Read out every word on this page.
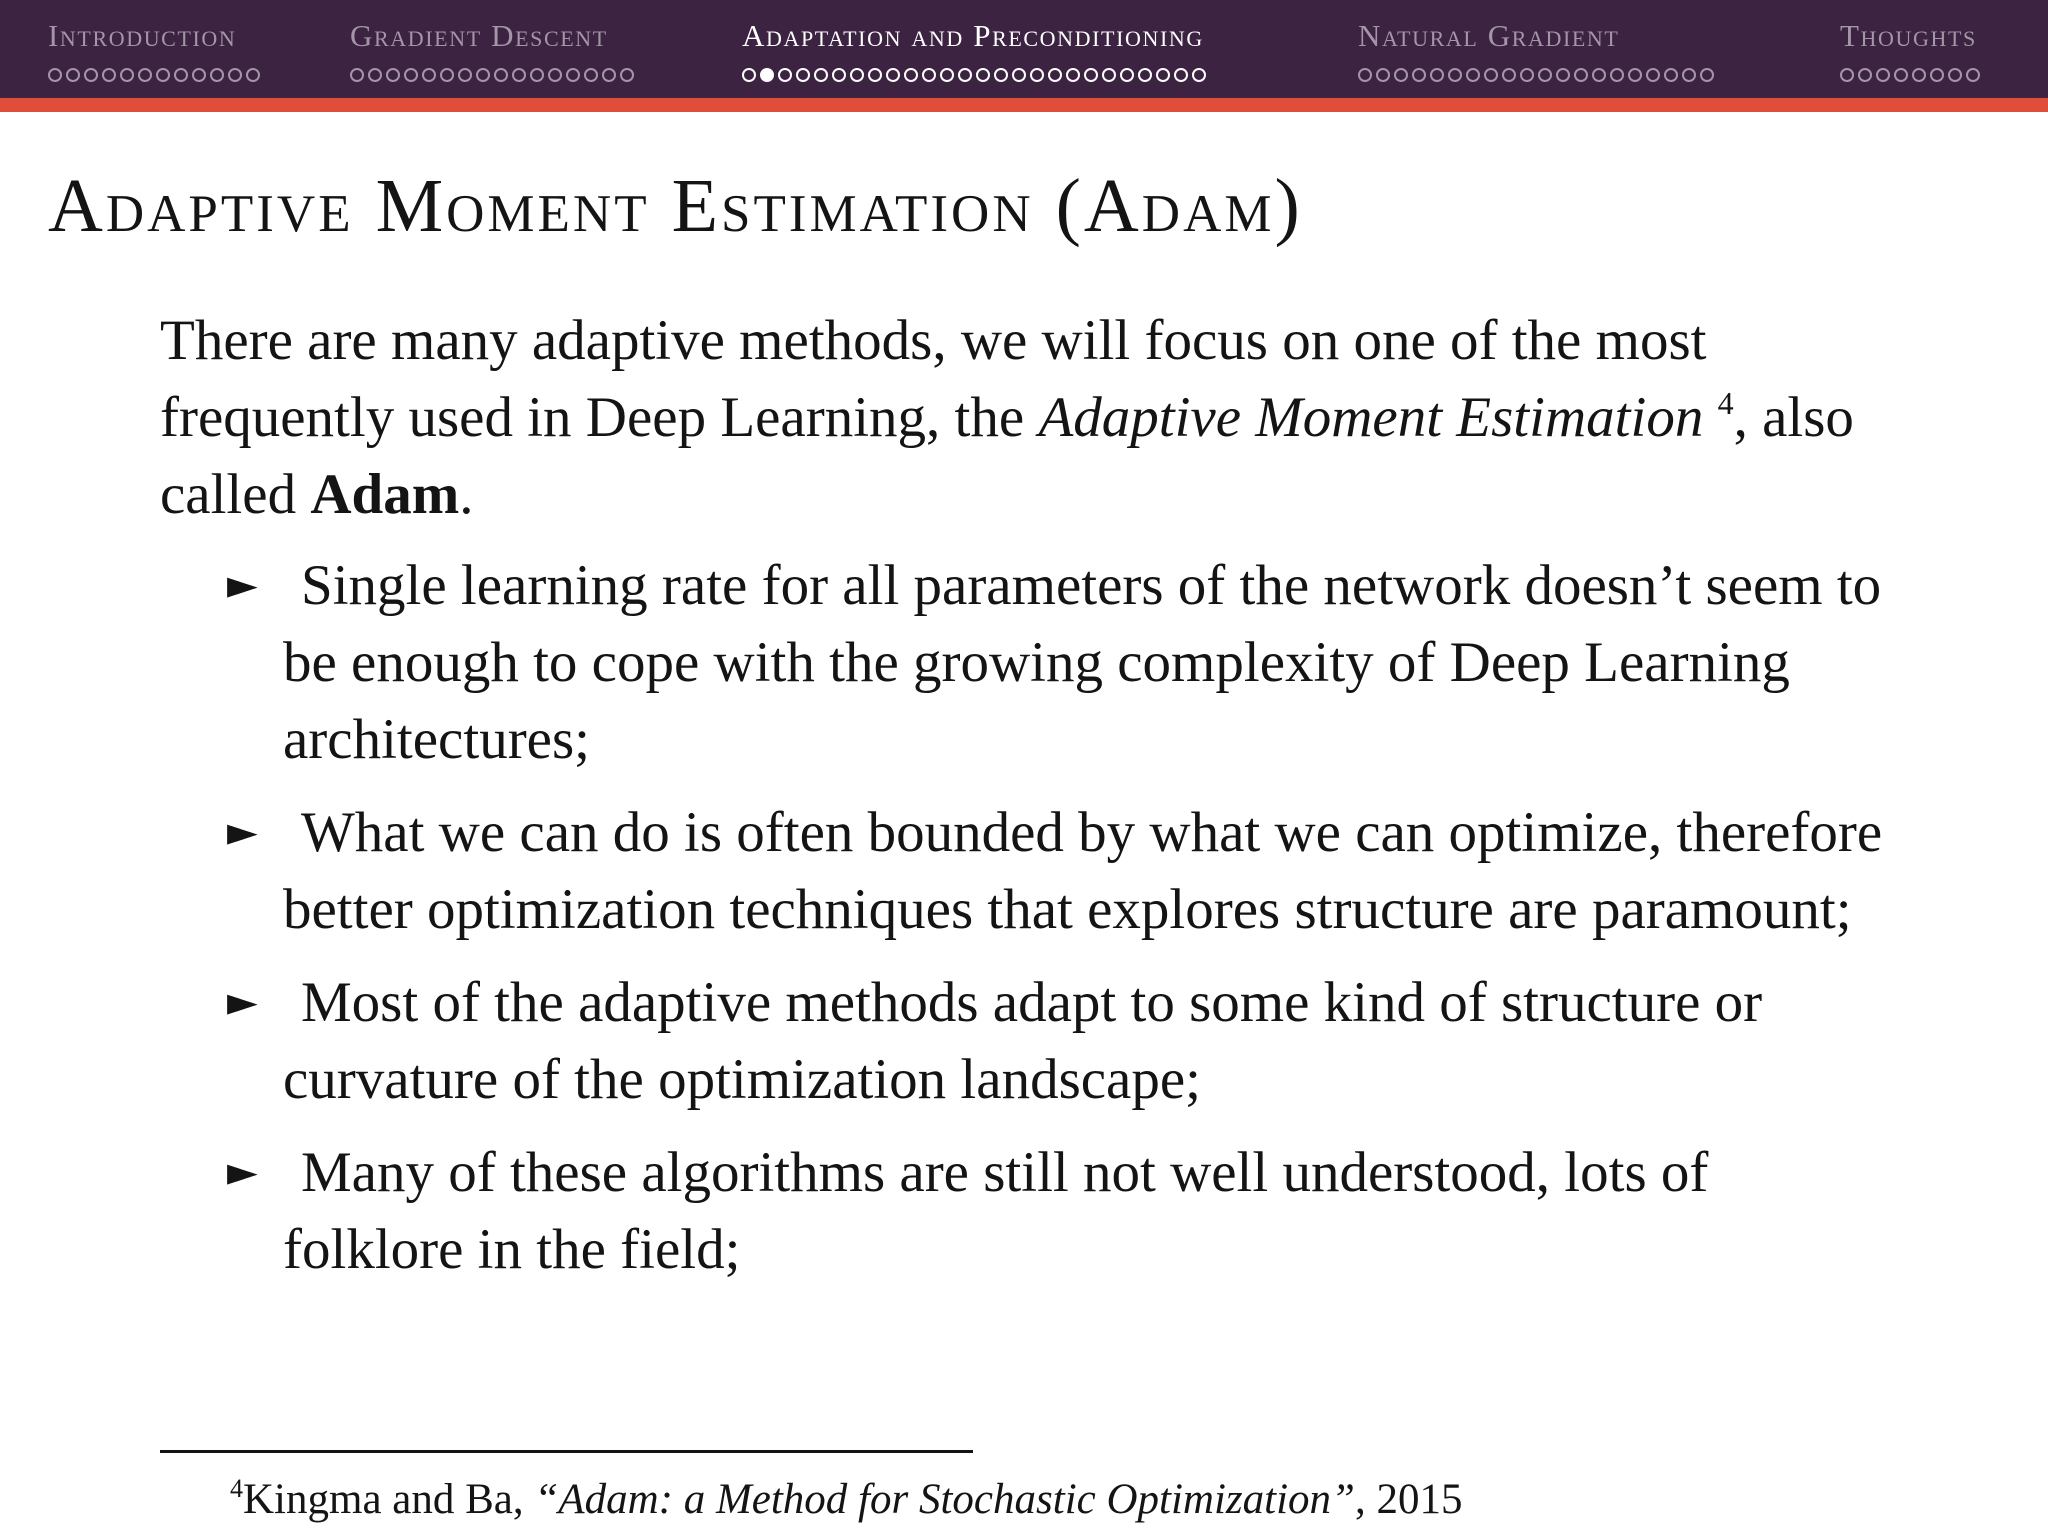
Introduction	Gradient Descent	Adaptation and Preconditioning	Natural Gradient	Thoughts
Adaptive Moment Estimation (Adam)

There are many adaptive methods, we will focus on one of the most frequently used in Deep Learning, the Adaptive Moment Estimation $^4$, also called Adam.

► Single learning rate for all parameters of the network doesn’t seem to be enough to cope with the growing complexity of Deep Learning architectures;
► What we can do is often bounded by what we can optimize, therefore better optimization techniques that explores structure are paramount;
► Most of the adaptive methods adapt to some kind of structure or curvature of the optimization landscape;
► Many of these algorithms are still not well understood, lots of folklore in the field;
$^4$Kingma and Ba, “Adam: a Method for Stochastic Optimization”, 2015
